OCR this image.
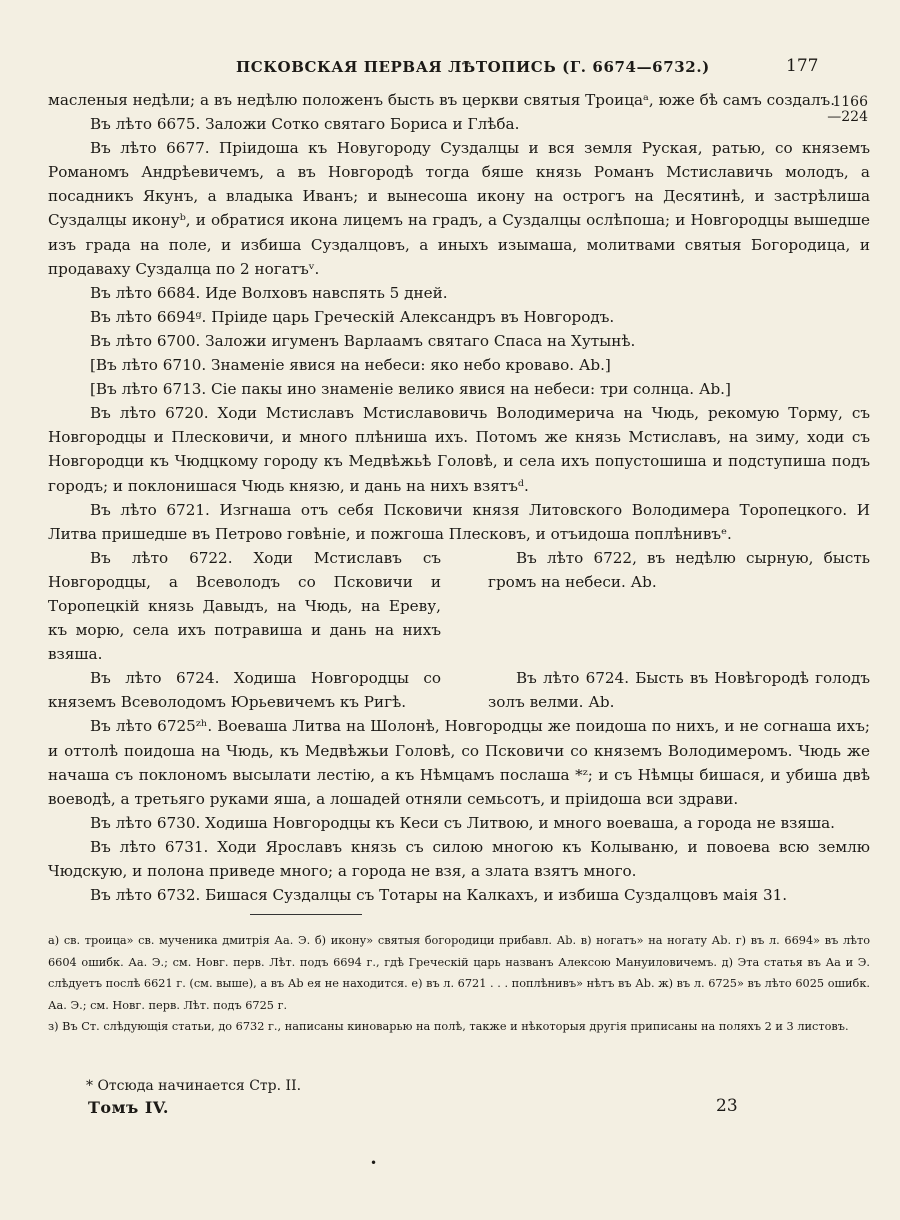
ПСКОВСКАЯ ПЕРВАЯ ЛѢТОПИСЬ (Г. 6674—6732.)	177
1166
—224

масленыя недѣли; а въ недѣлю положенъ бысть въ церкви святыя Троицаᵃ, юже бѣ самъ создалъ.

Въ лѣто 6675. Заложи Сотко святаго Бориса и Глѣба.

Въ лѣто 6677. Прiидоша къ Новугороду Суздалцы и вся земля Руская, ратью, со княземъ Романомъ Андрѣевичемъ, а въ Новгородѣ тогда бяше князь Романъ Мстиславичь молодъ, а посадникъ Якунъ, а владыка Иванъ; и вынесоша икону на острогъ на Десятинѣ, и застрѣлиша Суздалцы иконуᵇ, и обратися икона лицемъ на градъ, а Суздалцы ослѣпоша; и Новгородцы вышедше изъ града на поле, и избиша Суздалцовъ, а иныхъ изымаша, молитвами святыя Богородица, и продаваху Суздалца по 2 ногатъᵛ.

Въ лѣто 6684. Иде Волховъ навспять 5 дней.

Въ лѣто 6694ᵍ. Прiиде царь Греческiй Александръ въ Новгородъ.

Въ лѣто 6700. Заложи игуменъ Варлаамъ святаго Спаса на Хутынѣ.

[Въ лѣто 6710. Знаменiе явися на небеси: яко небо кроваво. Аb.]

[Въ лѣто 6713. Сiе пакы ино знаменiе велико явися на небеси: три солнца. Аb.]

Въ лѣто 6720. Ходи Мстиславъ Мстиславовичь Володимерича на Чюдь, рекомую Торму, съ Новгородцы и Плесковичи, и много плѣниша ихъ. Потомъ же князь Мстиславъ, на зиму, ходи съ Новгородци къ Чюдцкому городу къ Медвѣжьѣ Головѣ, и села ихъ попустошиша и подступиша подъ городъ; и поклонишася Чюдь князю, и дань на нихъ взятъᵈ.

Въ лѣто 6721. Изгнаша отъ себя Псковичи князя Литовского Володимера Торопецкого. И Литва пришедше въ Петрово говѣнiе, и пожгоша Плесковъ, и отъидоша поплѣнивъᵉ.

Въ лѣто 6722. Ходи Мстиславъ съ Новгородцы, а Всеволодъ со Псковичи и Торопецкiй князь Давыдъ, на Чюдь, на Ереву, къ морю, села ихъ потравиша и дань на нихъ взяша.

Въ лѣто 6722, въ недѣлю сырную, бысть громъ на небеси. Аb.

Въ лѣто 6724. Ходиша Новгородцы со княземъ Всеволодомъ Юрьевичемъ къ Ригѣ.

Въ лѣто 6724. Бысть въ Новѣгородѣ голодъ золъ велми. Аb.

Въ лѣто 6725ᶻʰ. Воеваша Литва на Шолонѣ, Новгородцы же поидоша по нихъ, и не согнаша ихъ; и оттолѣ поидоша на Чюдь, къ Медвѣжьи Головѣ, со Псковичи со княземъ Володимеромъ. Чюдь же начаша съ поклономъ высылати лестiю, а къ Нѣмцамъ послаша *ᶻ; и съ Нѣмцы бишася, и убиша двѣ воеводѣ, а третьяго руками яша, а лошадей отняли семьсотъ, и прiидоша вси здрави.

Въ лѣто 6730. Ходиша Новгородцы къ Кеси съ Литвою, и много воеваша, а города не взяша.

Въ лѣто 6731. Ходи Ярославъ князь съ силою многою къ Колываню, и повоева всю землю Чюдскую, и полона приведе много; а города не взя, а злата взятъ много.

Въ лѣто 6732. Бишася Суздалцы съ Тотары на Калкахъ, и избиша Суздалцовъ маiя 31.

а) св. троица» св. мученика дмитрiя Аа. Э. б) икону» святыя богородици прибавл. Аb. в) ногатъ» на ногату Аb. г) въ л. 6694» въ лѣто 6604 ошибк. Аа. Э.; см. Новг. перв. Лѣт. подъ 6694 г., гдѣ Греческiй царь названъ Алексою Мануиловичемъ. д) Эта статья въ Аа и Э. слѣдуетъ послѣ 6621 г. (см. выше), а въ Аb ея не находится. е) въ л. 6721 . . . поплѣнивъ» нѣтъ въ Аb. ж) въ л. 6725» въ лѣто 6025 ошибк. Аа. Э.; см. Новг. перв. Лѣт. подъ 6725 г.

з) Въ Ст. слѣдующiя статьи, до 6732 г., написаны киноварью на полѣ, также и нѣкоторыя другiя приписаны на поляхъ 2 и 3 листовъ.

* Отсюда начинается Стр. II.
Томъ IV.	23
•
